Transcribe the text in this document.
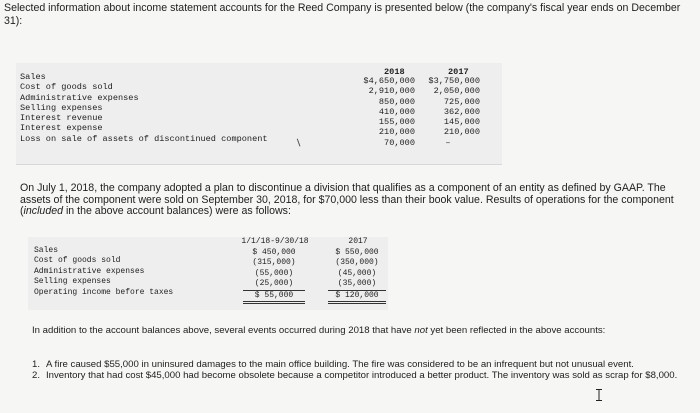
Selected information about income statement accounts for the Reed Company is presented below (the company's fiscal year ends on December 31):
2018	2017
Sales
Cost of goods sold
Administrative expenses
Selling expenses
Interest revenue
Interest expense
Loss on sale of assets of discontinued component
$4,650,000
2,910,000
850,000
410,000
155,000
210,000
70,000
$3,750,000
2,050,000
725,000
362,000
145,000
210,000
–
On July 1, 2018, the company adopted a plan to discontinue a division that qualifies as a component of an entity as defined by GAAP. The assets of the component were sold on September 30, 2018, for $70,000 less than their book value. Results of operations for the component (included in the above account balances) were as follows:
1/1/18-9/30/18	2017
Sales
Cost of goods sold
Administrative expenses
Selling expenses
Operating income before taxes
$ 450,000
(315,000)
(55,000)
(25,000)
$ 55,000
$ 550,000
(350,000)
(45,000)
(35,000)
$ 120,000
In addition to the account balances above, several events occurred during 2018 that have not yet been reflected in the above accounts:
1. A fire caused $55,000 in uninsured damages to the main office building. The fire was considered to be an infrequent but not unusual event.
2. Inventory that had cost $45,000 had become obsolete because a competitor introduced a better product. The inventory was sold as scrap for $8,000.
